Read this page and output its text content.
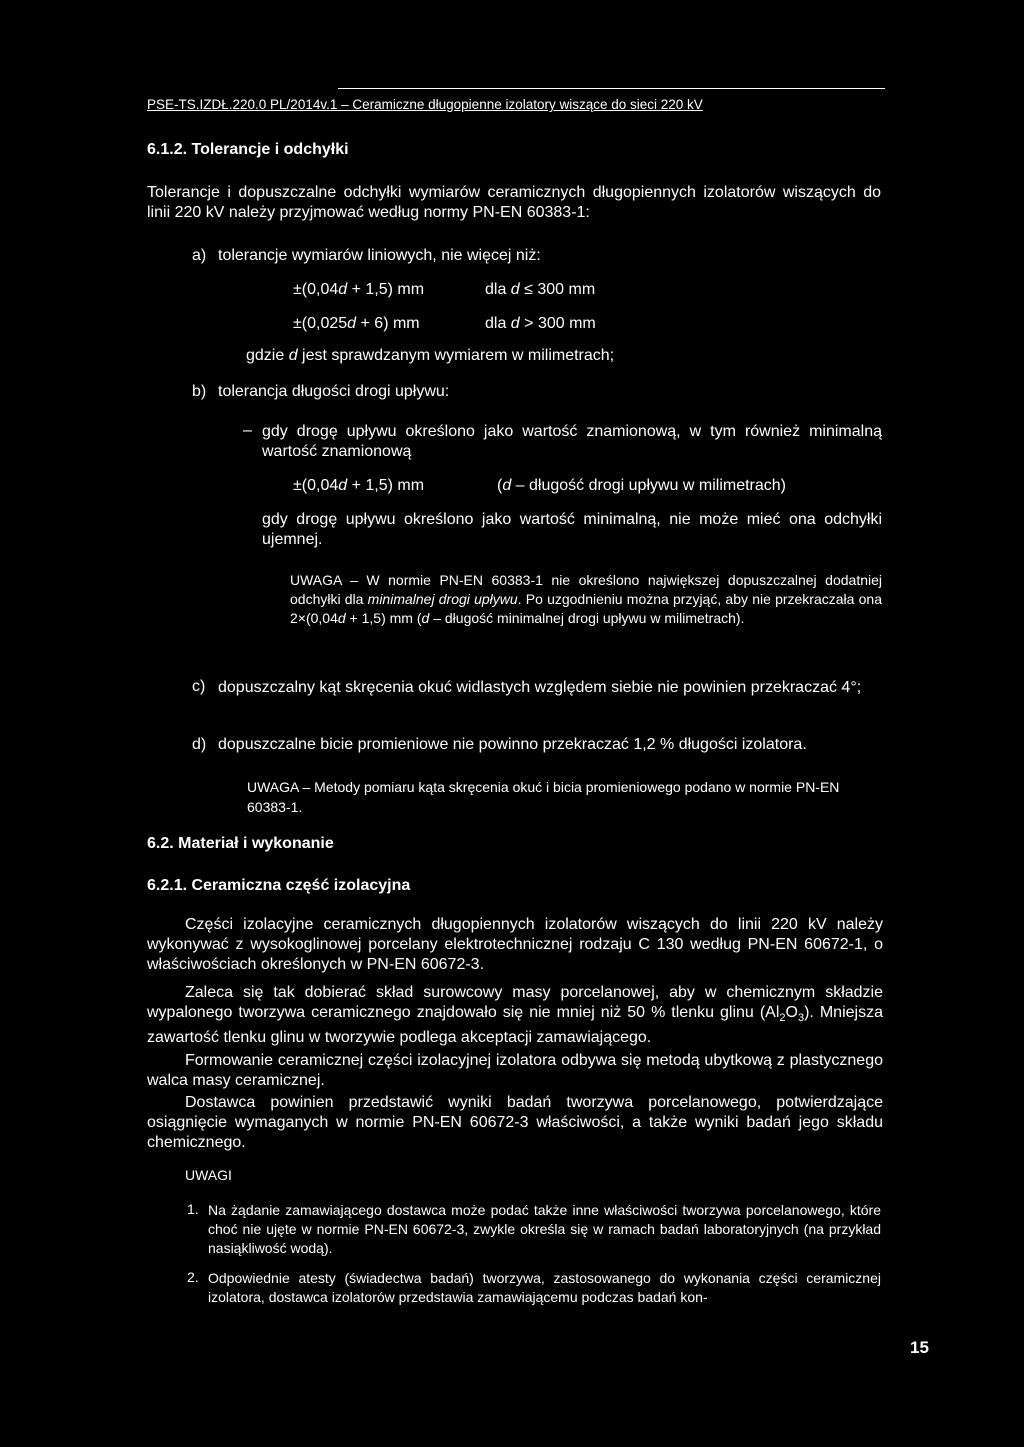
PSE-TS.IZDŁ.220.0 PL/2014v.1 – Ceramiczne długopienne izolatory wiszące do sieci 220 kV
6.1.2. Tolerancje i odchyłki
Tolerancje i dopuszczalne odchyłki wymiarów ceramicznych długopiennych izolatorów wiszących do linii 220 kV należy przyjmować według normy PN-EN 60383-1:
a) tolerancje wymiarów liniowych, nie więcej niż:
±(0,04d + 1,5) mm	dla d ≤ 300 mm
±(0,025d + 6) mm	dla d > 300 mm
gdzie d jest sprawdzanym wymiarem w milimetrach;
b) tolerancja długości drogi upływu:
– gdy drogę upływu określono jako wartość znamionową, w tym również minimalną wartość znamionową
±(0,04d + 1,5) mm	(d – długość drogi upływu w milimetrach)
gdy drogę upływu określono jako wartość minimalną, nie może mieć ona odchyłki ujemnej.
UWAGA – W normie PN-EN 60383-1 nie określono największej dopuszczalnej dodatniej odchyłki dla minimalnej drogi upływu. Po uzgodnieniu można przyjąć, aby nie przekraczała ona 2×(0,04d + 1,5) mm (d – długość minimalnej drogi upływu w milimetrach).
c) dopuszczalny kąt skręcenia okuć widlastych względem siebie nie powinien przekraczać 4°;
d) dopuszczalne bicie promieniowe nie powinno przekraczać 1,2 % długości izolatora.
UWAGA – Metody pomiaru kąta skręcenia okuć i bicia promieniowego podano w normie PN-EN 60383-1.
6.2. Materiał i wykonanie
6.2.1. Ceramiczna część izolacyjna
Części izolacyjne ceramicznych długopiennych izolatorów wiszących do linii 220 kV należy wykonywać z wysokoglinowej porcelany elektrotechnicznej rodzaju C 130 według PN-EN 60672-1, o właściwościach określonych w PN-EN 60672-3.
Zaleca się tak dobierać skład surowcowy masy porcelanowej, aby w chemicznym składzie wypalonego tworzywa ceramicznego znajdowało się nie mniej niż 50 % tlenku glinu $(Al_2O_3)$. Mniejsza zawartość tlenku glinu w tworzywie podlega akceptacji zamawiającego.
Formowanie ceramicznej części izolacyjnej izolatora odbywa się metodą ubytkową z plastycznego walca masy ceramicznej.
Dostawca powinien przedstawić wyniki badań tworzywa porcelanowego, potwierdzające osiągnięcie wymaganych w normie PN-EN 60672-3 właściwości, a także wyniki badań jego składu chemicznego.
UWAGI
1. Na żądanie zamawiającego dostawca może podać także inne właściwości tworzywa porcelanowego, które choć nie ujęte w normie PN-EN 60672-3, zwykle określa się w ramach badań laboratoryjnych (na przykład nasiąkliwość wodą).
2. Odpowiednie atesty (świadectwa badań) tworzywa, zastosowanego do wykonania części ceramicznej izolatora, dostawca izolatorów przedstawia zamawiającemu podczas badań kon-
15
